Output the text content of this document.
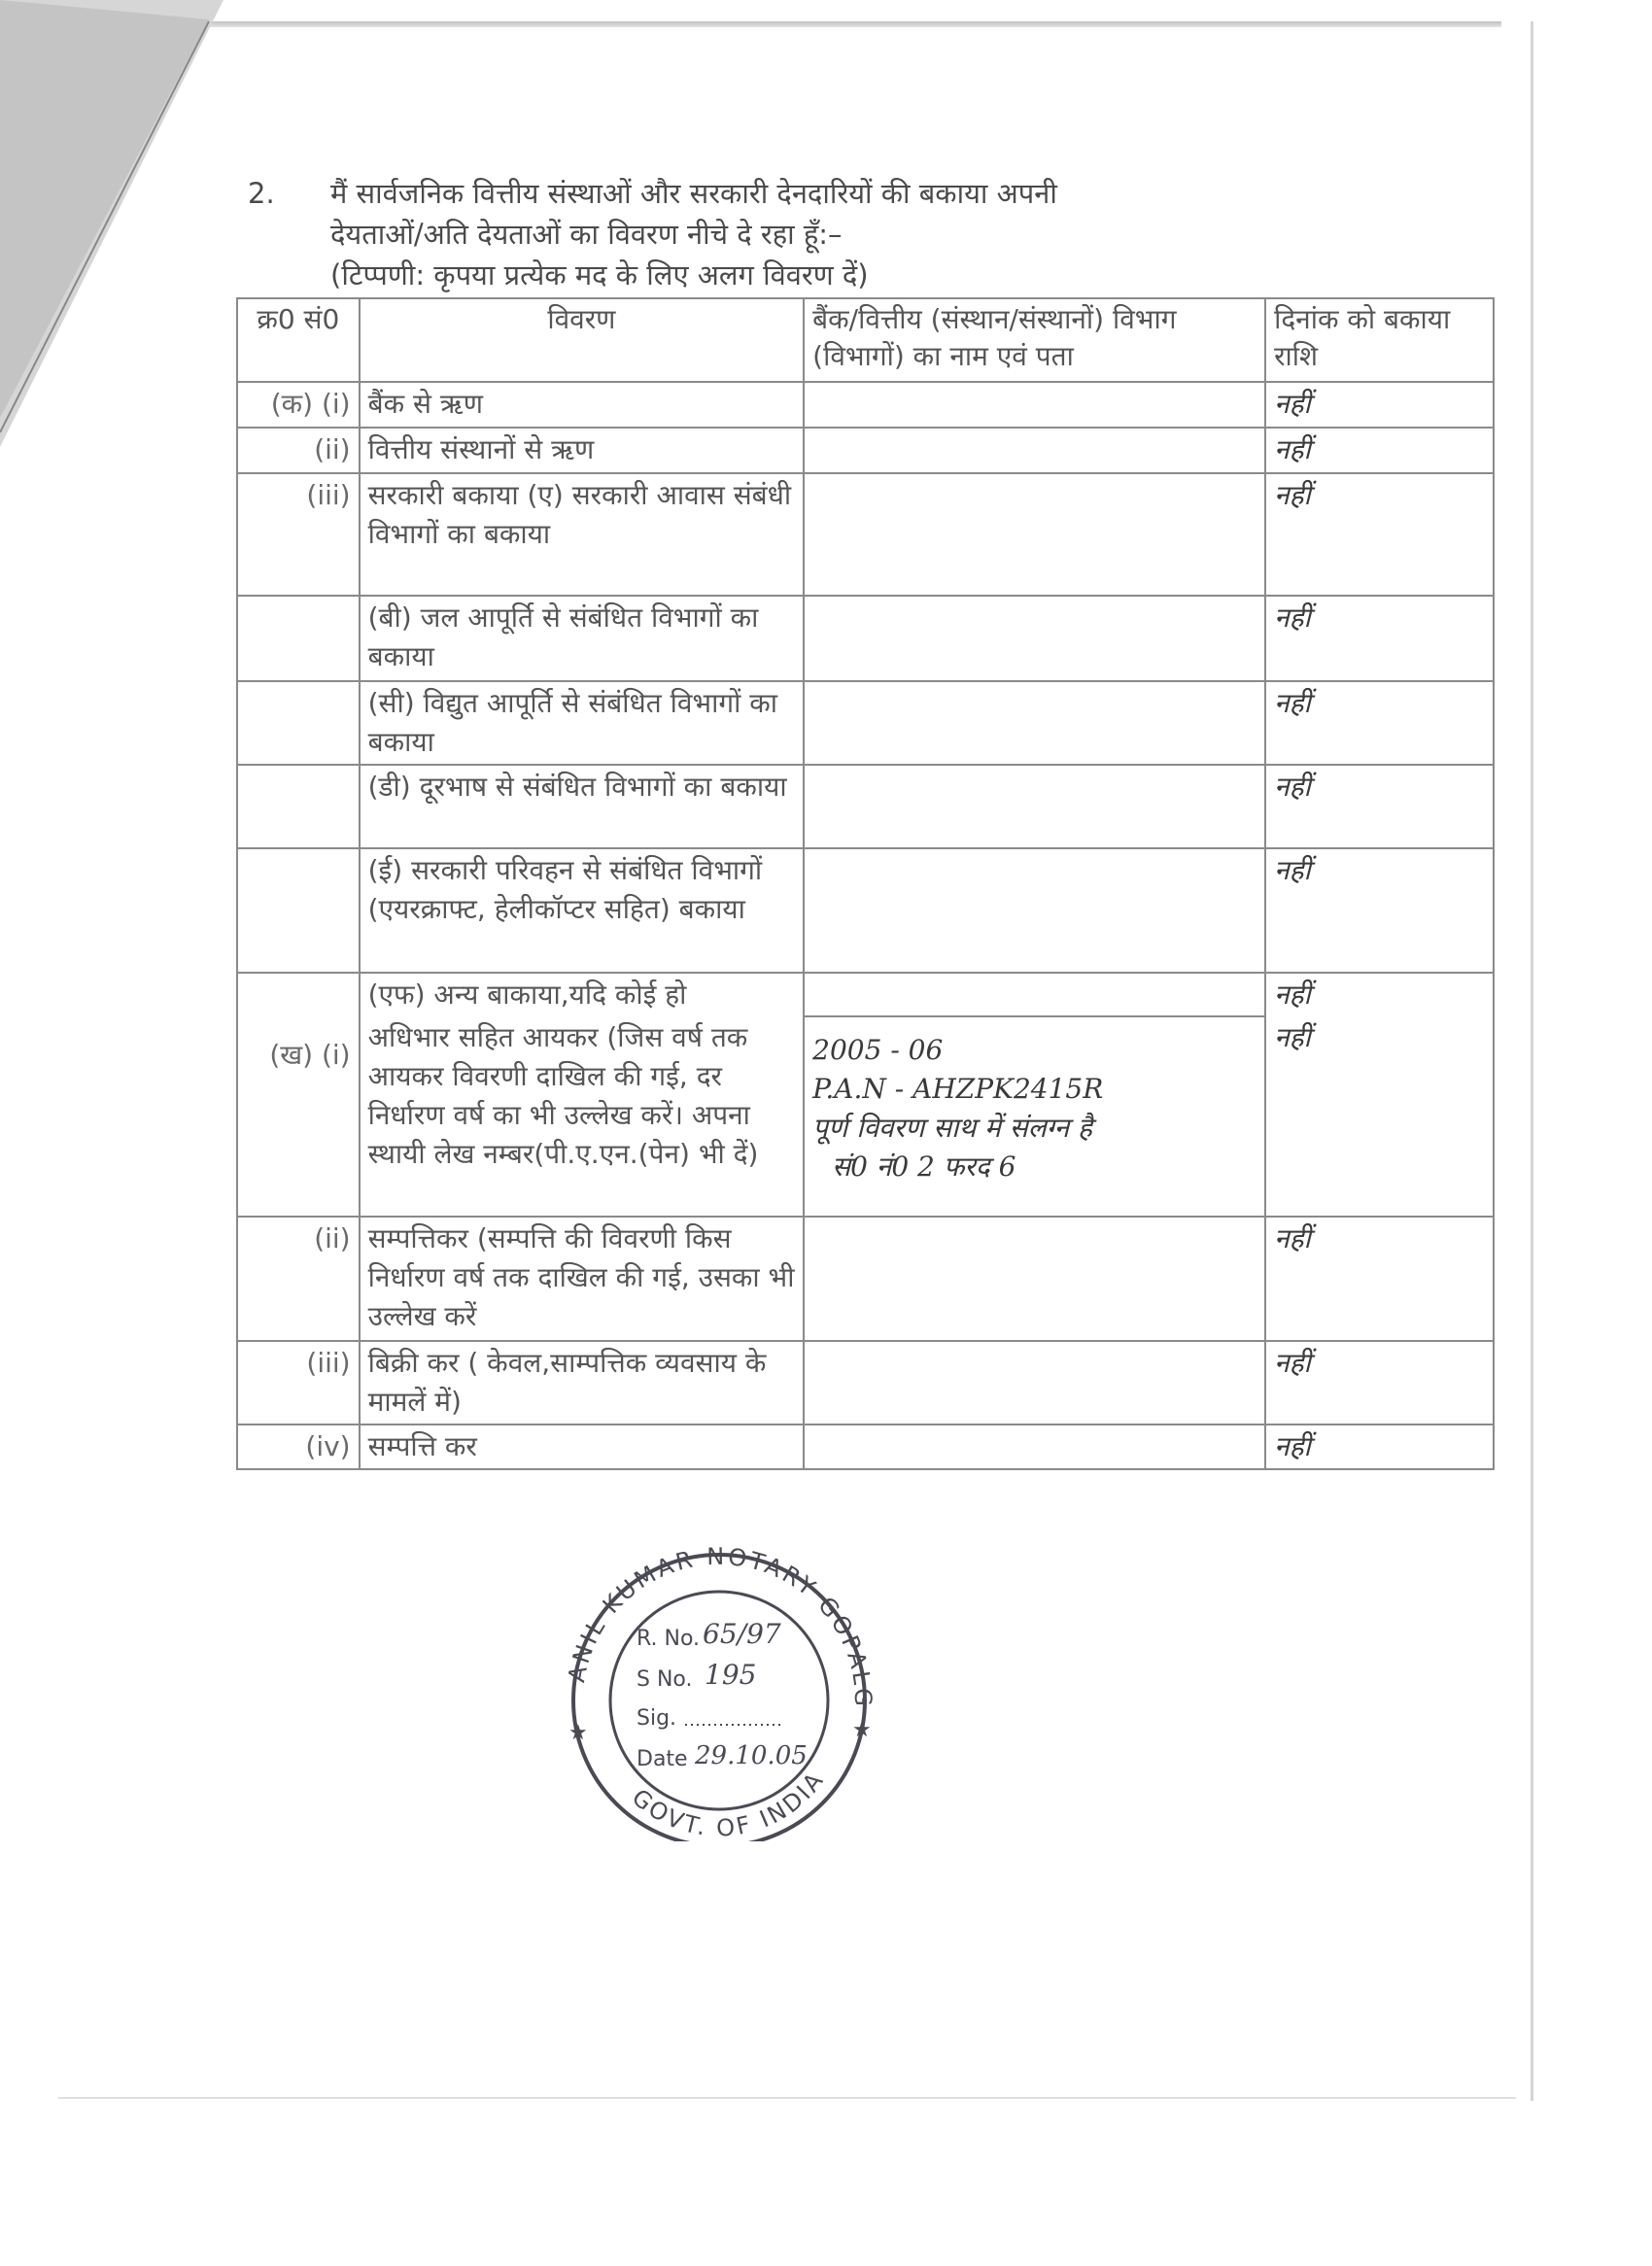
2. मैं सार्वजनिक वित्तीय संस्थाओं और सरकारी देनदारियों की बकाया अपनी
देयताओं/अति देयताओं का विवरण नीचे दे रहा हूँ:–
(टिप्पणी: कृपया प्रत्येक मद के लिए अलग विवरण दें)
क्र0 सं0	विवरण	बैंक/वित्तीय (संस्थान/संस्थानों) विभाग (विभागों) का नाम एवं पता	दिनांक को बकाया राशि
(क) (i)	बैंक से ऋण		नहीं
(ii)	वित्तीय संस्थानों से ऋण		नहीं
(iii)	सरकारी बकाया (ए) सरकारी आवास संबंधी विभागों का बकाया		नहीं
	(बी) जल आपूर्ति से संबंधित विभागों का बकाया		नहीं
	(सी) विद्युत आपूर्ति से संबंधित विभागों का बकाया		नहीं
	(डी) दूरभाष से संबंधित विभागों का बकाया		नहीं
	(ई) सरकारी परिवहन से संबंधित विभागों (एयरक्राफ्ट, हेलीकॉप्टर सहित) बकाया		नहीं
	(एफ) अन्य बाकाया,यदि कोई हो		नहीं
(ख) (i)	अधिभार सहित आयकर (जिस वर्ष तक आयकर विवरणी दाखिल की गई, दर निर्धारण वर्ष का भी उल्लेख करें। अपना स्थायी लेख नम्बर(पी.ए.एन.(पेन) भी दें)	2005 - 06
P.A.N - AHZPK2415R
पूर्ण विवरण साथ में संलग्न है
सं0 नं0 2 फरद 6	नहीं
(ii)	सम्पत्तिकर (सम्पत्ति की विवरणी किस निर्धारण वर्ष तक दाखिल की गई, उसका भी उल्लेख करें		नहीं
(iii)	बिक्री कर ( केवल,साम्पत्तिक व्यवसाय के मामलें में)		नहीं
(iv)	सम्पत्ति कर		नहीं
ANIL KUMAR NOTARY GOPALG
GOVT. OF INDIA
★	★
R. No. 65/97
S No. 195
Sig.
Date 29.10.05
